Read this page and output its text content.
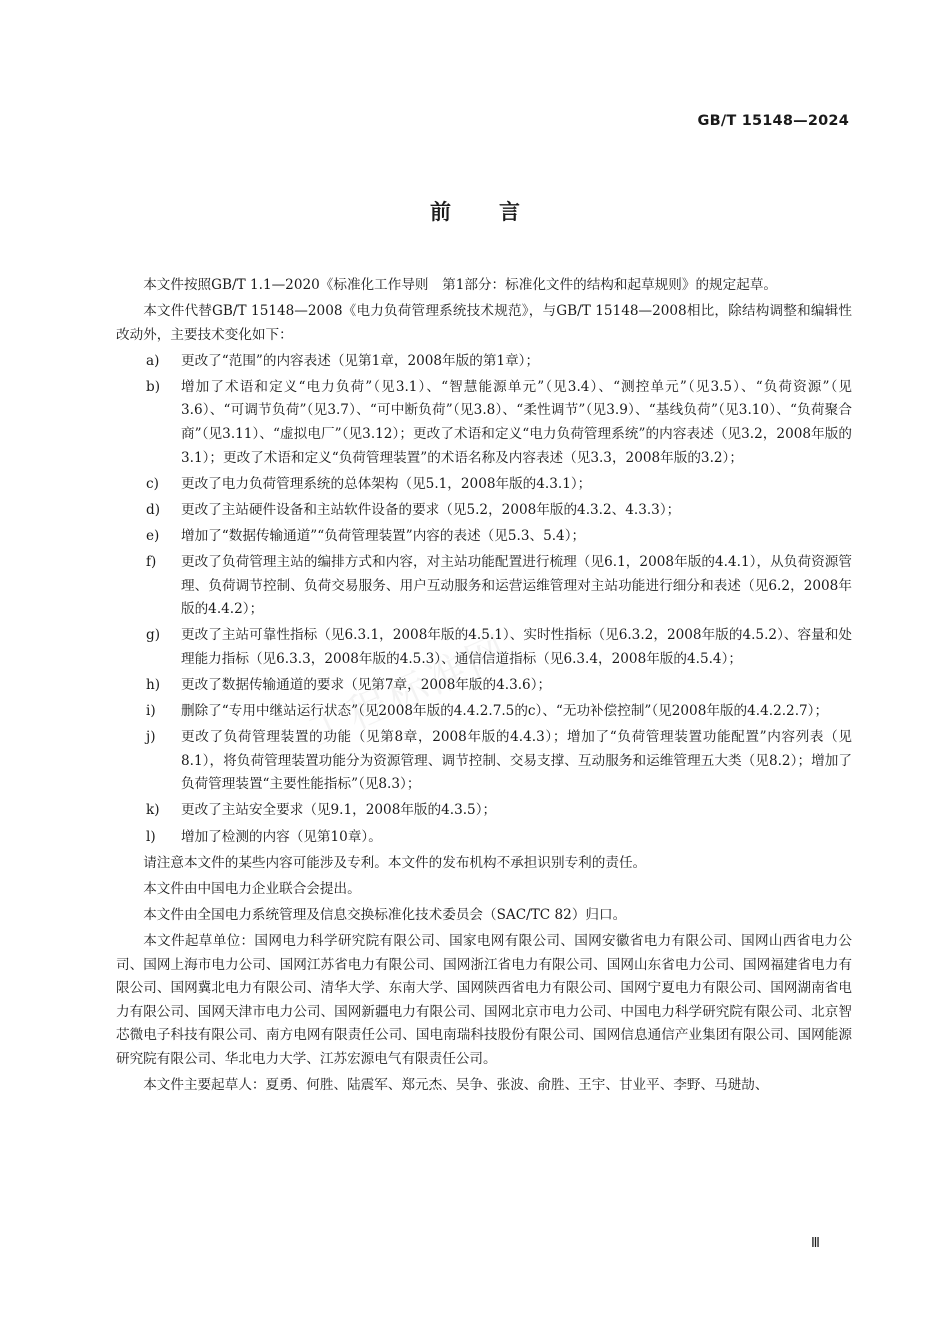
GB/T 15148—2024
前 言

本文件按照GB/T 1.1—2020《标准化工作导则　第1部分：标准化文件的结构和起草规则》的规定起草。

本文件代替GB/T 15148—2008《电力负荷管理系统技术规范》，与GB/T 15148—2008相比，除结构调整和编辑性改动外，主要技术变化如下：

a) 更改了“范围”的内容表述（见第1章，2008年版的第1章）；
b) 增加了术语和定义“电力负荷”（见3.1）、“智慧能源单元”（见3.4）、“测控单元”（见3.5）、“负荷资源”（见3.6）、“可调节负荷”（见3.7）、“可中断负荷”（见3.8）、“柔性调节”（见3.9）、“基线负荷”（见3.10）、“负荷聚合商”（见3.11）、“虚拟电厂”（见3.12）；更改了术语和定义“电力负荷管理系统”的内容表述（见3.2，2008年版的3.1）；更改了术语和定义“负荷管理装置”的术语名称及内容表述（见3.3，2008年版的3.2）；
c) 更改了电力负荷管理系统的总体架构（见5.1，2008年版的4.3.1）；
d) 更改了主站硬件设备和主站软件设备的要求（见5.2，2008年版的4.3.2、4.3.3）；
e) 增加了“数据传输通道”“负荷管理装置”内容的表述（见5.3、5.4）；
f) 更改了负荷管理主站的编排方式和内容，对主站功能配置进行梳理（见6.1，2008年版的4.4.1），从负荷资源管理、负荷调节控制、负荷交易服务、用户互动服务和运营运维管理对主站功能进行细分和表述（见6.2，2008年版的4.4.2）；
g) 更改了主站可靠性指标（见6.3.1，2008年版的4.5.1）、实时性指标（见6.3.2，2008年版的4.5.2）、容量和处理能力指标（见6.3.3，2008年版的4.5.3）、通信信道指标（见6.3.4，2008年版的4.5.4）；
h) 更改了数据传输通道的要求（见第7章，2008年版的4.3.6）；
i) 删除了“专用中继站运行状态”（见2008年版的4.4.2.7.5的c）、“无功补偿控制”（见2008年版的4.4.2.2.7）；
j) 更改了负荷管理装置的功能（见第8章，2008年版的4.4.3）；增加了“负荷管理装置功能配置”内容列表（见8.1），将负荷管理装置功能分为资源管理、调节控制、交易支撑、互动服务和运维管理五大类（见8.2）；增加了负荷管理装置“主要性能指标”（见8.3）；
k) 更改了主站安全要求（见9.1，2008年版的4.3.5）；
l) 增加了检测的内容（见第10章）。

请注意本文件的某些内容可能涉及专利。本文件的发布机构不承担识别专利的责任。

本文件由中国电力企业联合会提出。

本文件由全国电力系统管理及信息交换标准化技术委员会（SAC/TC 82）归口。

本文件起草单位：国网电力科学研究院有限公司、国家电网有限公司、国网安徽省电力有限公司、国网山西省电力公司、国网上海市电力公司、国网江苏省电力有限公司、国网浙江省电力有限公司、国网山东省电力公司、国网福建省电力有限公司、国网冀北电力有限公司、清华大学、东南大学、国网陕西省电力有限公司、国网宁夏电力有限公司、国网湖南省电力有限公司、国网天津市电力公司、国网新疆电力有限公司、国网北京市电力公司、中国电力科学研究院有限公司、北京智芯微电子科技有限公司、南方电网有限责任公司、国电南瑞科技股份有限公司、国网信息通信产业集团有限公司、国网能源研究院有限公司、华北电力大学、江苏宏源电气有限责任公司。

本文件主要起草人：夏勇、何胜、陆震军、郑元杰、吴争、张波、俞胜、王宇、甘业平、李野、马琎劼、

Ⅲ
